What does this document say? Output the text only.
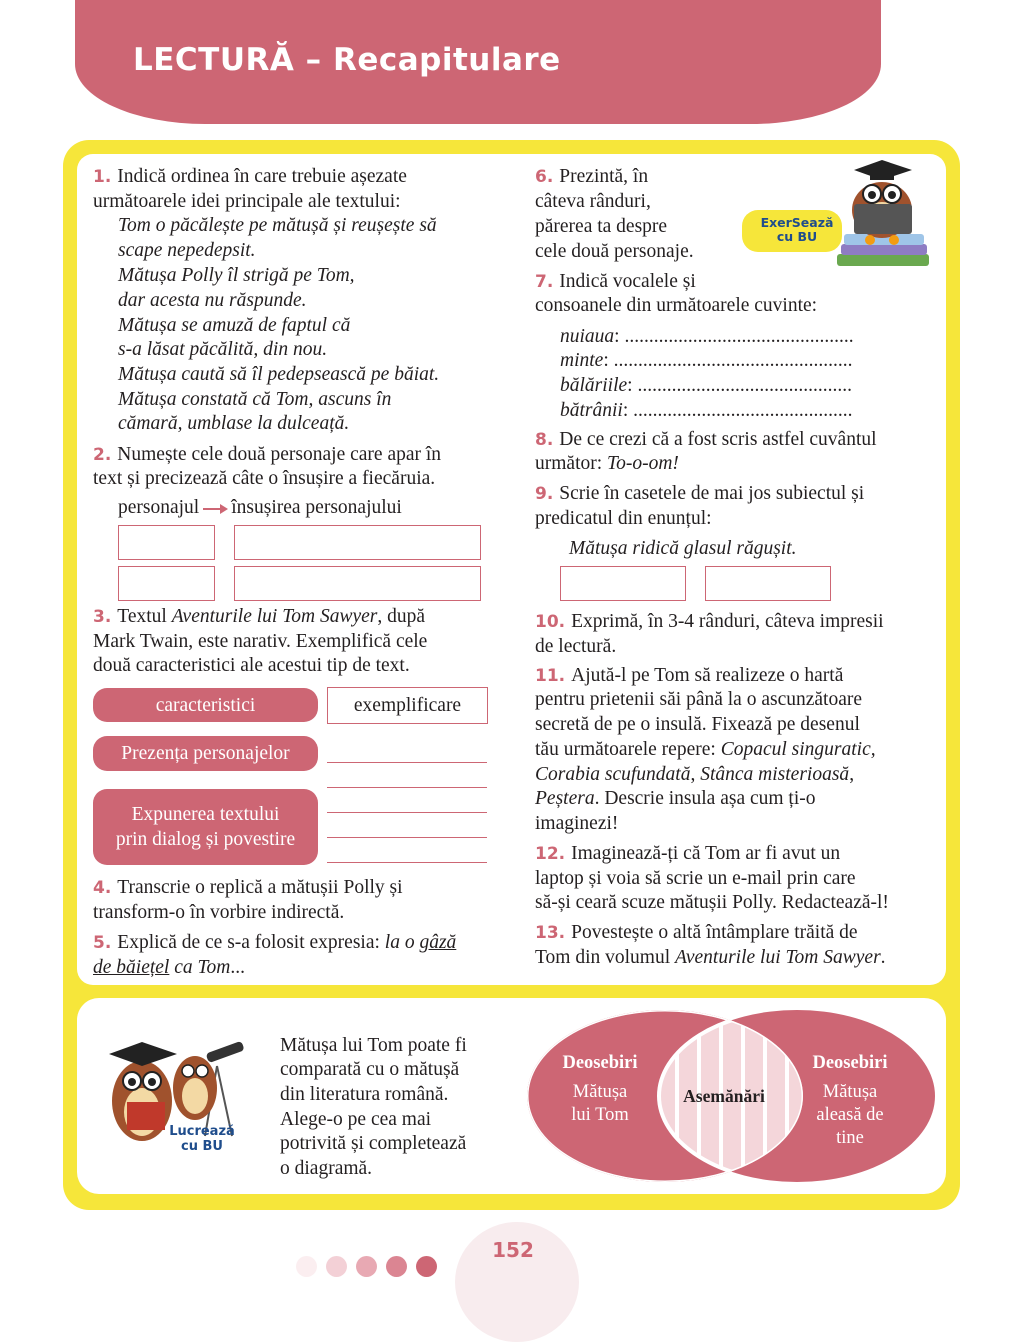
LECTURĂ – Recapitulare
1. Indică ordinea în care trebuie așezate
următoarele idei principale ale textului:
Tom o păcălește pe mătușă și reușește să
scape nepedepsit.
Mătușa Polly îl strigă pe Tom,
dar acesta nu răspunde.
Mătușa se amuză de faptul că
s-a lăsat păcălită, din nou.
Mătușa caută să îl pedepsească pe băiat.
Mătușa constată că Tom, ascuns în
cămară, umblase la dulceață.
2. Numește cele două personaje care apar în
text și precizează câte o însușire a fiecăruia.
personajul însușirea personajului
3. Textul Aventurile lui Tom Sawyer, după
Mark Twain, este narativ. Exemplifică cele
două caracteristici ale acestui tip de text.
caracteristici	exemplificare
Prezența personajelor
Expunerea textului
prin dialog și povestire
4. Transcrie o replică a mătușii Polly și
transform-o în vorbire indirectă.
5. Explică de ce s-a folosit expresia: la o gâză
de băiețel ca Tom...
6. Prezintă, în
câteva rânduri,
părerea ta despre
cele două personaje.
ExerSează
cu BU
7. Indică vocalele și
consoanele din următoarele cuvinte:
nuiaua: ...............................................
minte: .................................................
bălăriile: ............................................
bătrânii: .............................................
8. De ce crezi că a fost scris astfel cuvântul
următor: To-o-om!
9. Scrie în casetele de mai jos subiectul și
predicatul din enunțul:
Mătușa ridică glasul răgușit.
10. Exprimă, în 3-4 rânduri, câteva impresii
de lectură.
11. Ajută-l pe Tom să realizeze o hartă
pentru prietenii săi până la o ascunzătoare
secretă de pe o insulă. Fixează pe desenul
tău următoarele repere: Copacul singuratic,
Corabia scufundată, Stânca misterioasă,
Peștera. Descrie insula așa cum ți-o
imaginezi!
12. Imaginează-ți că Tom ar fi avut un
laptop și voia să scrie un e-mail prin care
să-și ceară scuze mătușii Polly. Redactează-l!
13. Povestește o altă întâmplare trăită de
Tom din volumul Aventurile lui Tom Sawyer.
Lucrează
cu BU
Mătușa lui Tom poate fi
comparată cu o mătușă
din literatura română.
Alege-o pe cea mai
potrivită și completează
o diagramă.
Deosebiri
Mătușa
lui Tom
Asemănări
Deosebiri
Mătușa
aleasă de
tine
152
